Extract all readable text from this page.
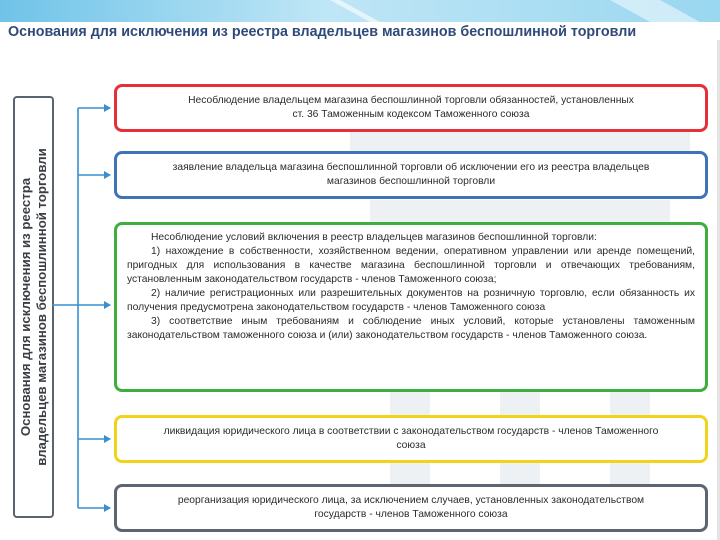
Основания для исключения из реестра владельцев магазинов беспошлинной торговли
Основания для исключения из реестра владельцев магазинов беспошлинной торговли
Несоблюдение владельцем магазина беспошлинной торговли обязанностей, установленных
ст. 36 Таможенным кодексом Таможенного союза
заявление владельца магазина беспошлинной торговли об исключении его из реестра владельцев
магазинов беспошлинной торговли
Несоблюдение условий включения в реестр владельцев магазинов беспошлинной торговли:
1) нахождение в собственности, хозяйственном ведении, оперативном управлении или аренде помещений, пригодных для использования в качестве магазина беспошлинной торговли и отвечающих требованиям, установленным законодательством государств - членов Таможенного союза;
2) наличие регистрационных или разрешительных документов на розничную торговлю, если обязанность их получения предусмотрена законодательством государств - членов Таможенного союза
3) соответствие иным требованиям и соблюдение иных условий, которые установлены таможенным законодательством таможенного союза и (или) законодательством государств - членов Таможенного союза.
ликвидация юридического лица в соответствии с законодательством государств - членов Таможенного
союза
реорганизация юридического лица, за исключением случаев, установленных законодательством
государств - членов Таможенного союза
